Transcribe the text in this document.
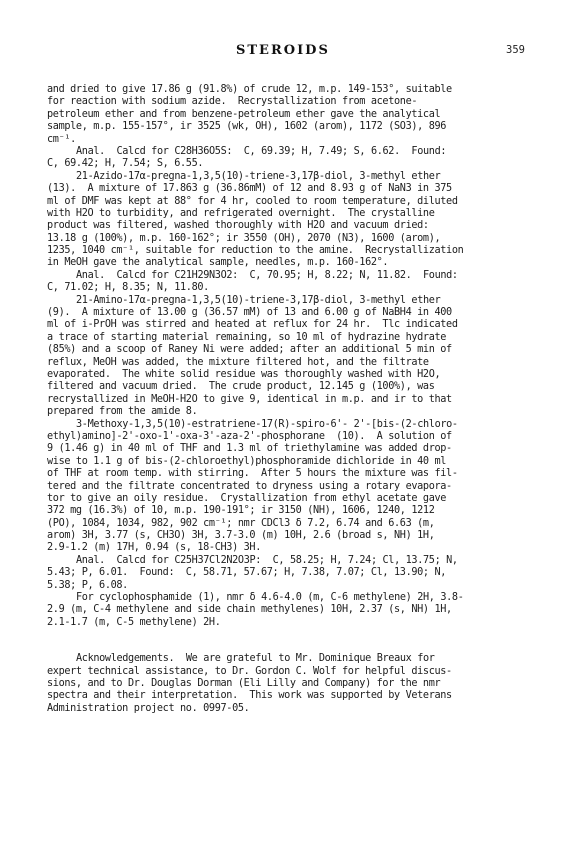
STEROIDS	359
and dried to give 17.86 g (91.8%) of crude 12, m.p. 149-153°, suitable
for reaction with sodium azide.  Recrystallization from acetone-
petroleum ether and from benzene-petroleum ether gave the analytical
sample, m.p. 155-157°, ir 3525 (wk, OH), 1602 (arom), 1172 (SO3), 896
cm⁻¹.
Anal.  Calcd for C28H36O5S:  C, 69.39; H, 7.49; S, 6.62.  Found:
C, 69.42; H, 7.54; S, 6.55.
21-Azido-17α-pregna-1,3,5(10)-triene-3,17β-diol, 3-methyl ether
(13).  A mixture of 17.863 g (36.86mM) of 12 and 8.93 g of NaN3 in 375
ml of DMF was kept at 88° for 4 hr, cooled to room temperature, diluted
with H2O to turbidity, and refrigerated overnight.  The crystalline
product was filtered, washed thoroughly with H2O and vacuum dried:
13.18 g (100%), m.p. 160-162°; ir 3550 (OH), 2070 (N3), 1600 (arom),
1235, 1040 cm⁻¹, suitable for reduction to the amine.  Recrystallization
in MeOH gave the analytical sample, needles, m.p. 160-162°.
Anal.  Calcd for C21H29N3O2:  C, 70.95; H, 8.22; N, 11.82.  Found:
C, 71.02; H, 8.35; N, 11.80.
21-Amino-17α-pregna-1,3,5(10)-triene-3,17β-diol, 3-methyl ether
(9).  A mixture of 13.00 g (36.57 mM) of 13 and 6.00 g of NaBH4 in 400
ml of i-PrOH was stirred and heated at reflux for 24 hr.  Tlc indicated
a trace of starting material remaining, so 10 ml of hydrazine hydrate
(85%) and a scoop of Raney Ni were added; after an additional 5 min of
reflux, MeOH was added, the mixture filtered hot, and the filtrate
evaporated.  The white solid residue was thoroughly washed with H2O,
filtered and vacuum dried.  The crude product, 12.145 g (100%), was
recrystallized in MeOH-H2O to give 9, identical in m.p. and ir to that
prepared from the amide 8.
3-Methoxy-1,3,5(10)-estratriene-17(R)-spiro-6'- 2'-[bis-(2-chloro-
ethyl)amino]-2'-oxo-1'-oxa-3'-aza-2'-phosphorane  (10).  A solution of
9 (1.46 g) in 40 ml of THF and 1.3 ml of triethylamine was added drop-
wise to 1.1 g of bis-(2-chloroethyl)phosphoramide dichloride in 40 ml
of THF at room temp. with stirring.  After 5 hours the mixture was fil-
tered and the filtrate concentrated to dryness using a rotary evapora-
tor to give an oily residue.  Crystallization from ethyl acetate gave
372 mg (16.3%) of 10, m.p. 190-191°; ir 3150 (NH), 1606, 1240, 1212
(PO), 1084, 1034, 982, 902 cm⁻¹; nmr CDCl3 δ 7.2, 6.74 and 6.63 (m,
arom) 3H, 3.77 (s, CH3O) 3H, 3.7-3.0 (m) 10H, 2.6 (broad s, NH) 1H,
2.9-1.2 (m) 17H, 0.94 (s, 18-CH3) 3H.
Anal.  Calcd for C25H37Cl2N2O3P:  C, 58.25; H, 7.24; Cl, 13.75; N,
5.43; P, 6.01.  Found:  C, 58.71, 57.67; H, 7.38, 7.07; Cl, 13.90; N,
5.38; P, 6.08.
For cyclophosphamide (1), nmr δ 4.6-4.0 (m, C-6 methylene) 2H, 3.8-
2.9 (m, C-4 methylene and side chain methylenes) 10H, 2.37 (s, NH) 1H,
2.1-1.7 (m, C-5 methylene) 2H.
Acknowledgements.  We are grateful to Mr. Dominique Breaux for
expert technical assistance, to Dr. Gordon C. Wolf for helpful discus-
sions, and to Dr. Douglas Dorman (Eli Lilly and Company) for the nmr
spectra and their interpretation.  This work was supported by Veterans
Administration project no. 0997-05.
